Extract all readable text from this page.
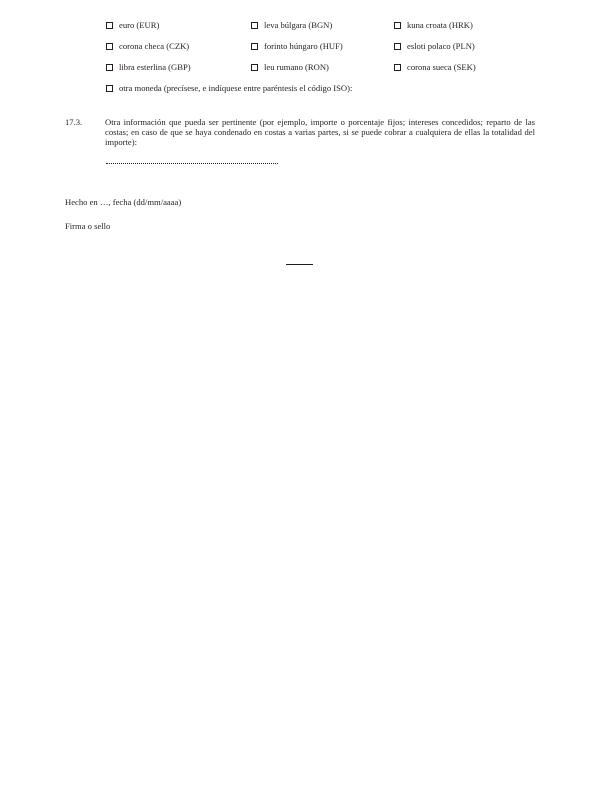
euro (EUR)	leva búlgara (BGN)	kuna croata (HRK)
corona checa (CZK)	forinto húngaro (HUF)	esloti polaco (PLN)
libra esterlina (GBP)	leu rumano (RON)	corona sueca (SEK)
otra moneda (precísese, e indíquese entre paréntesis el código ISO):
17.3.	Otra información que pueda ser pertinente (por ejemplo, importe o porcentaje fijos; intereses concedidos; reparto de las costas; en caso de que se haya condenado en costas a varias partes, si se puede cobrar a cualquiera de ellas la totalidad del importe):
Hecho en …, fecha (dd/mm/aaaa)
Firma o sello
